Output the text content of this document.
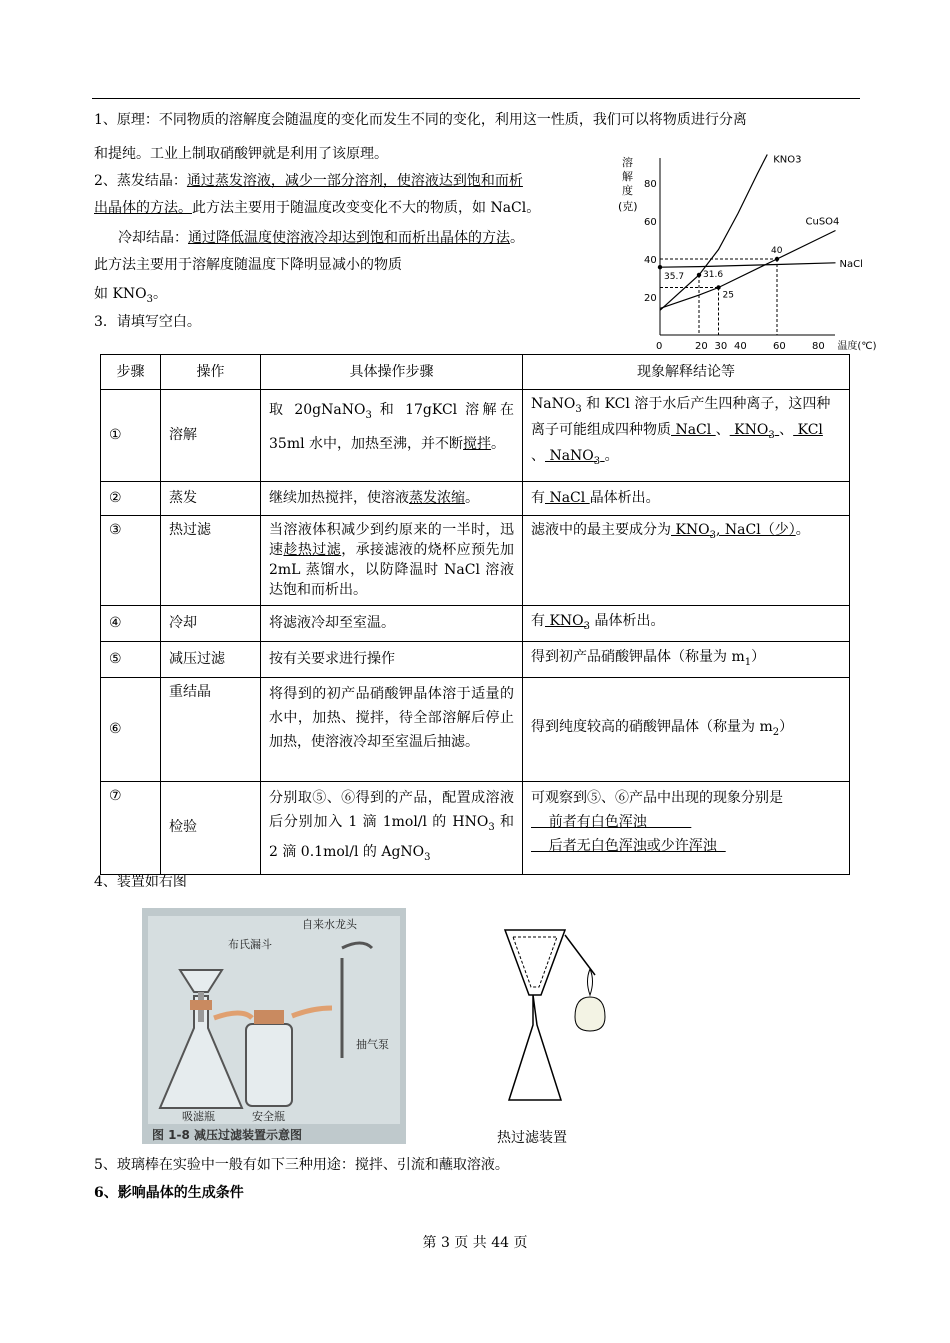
1、原理：不同物质的溶解度会随温度的变化而发生不同的变化，利用这一性质，我们可以将物质进行分离
和提纯。工业上制取硝酸钾就是利用了该原理。
2、蒸发结晶：通过蒸发溶液，减少一部分溶剂，使溶液达到饱和而析
出晶体的方法。此方法主要用于随温度改变变化不大的物质，如 NaCl。
冷却结晶：通过降低温度使溶液冷却达到饱和而析出晶体的方法。
此方法主要用于溶解度随温度下降明显减小的物质
如 $KNO_3$。
3．请填写空白。
溶
解
度
(克)
0	20 30 40	60	80
20
40
60
80
温度(℃)
KNO3
CuSO4
NaCl
35.7 31.6
25
40
步骤	操作	具体操作步骤	现象解释结论等
①	溶解	取 20gNaNO$_3$ 和 17gKCl 溶解在 35ml 水中，加热至沸，并不断搅拌。	NaNO$_3$ 和 KCl 溶于水后产生四种离子，这四种离子可能组成四种物质 NaCl 、 $KNO_3$ 、 KCl 、 NaNO$_3$ 。
②	蒸发	继续加热搅拌，使溶液蒸发浓缩。	有 NaCl 晶体析出。
③	热过滤	当溶液体积减少到约原来的一半时，迅速趁热过滤，承接滤液的烧杯应预先加 2mL 蒸馏水，以防降温时 NaCl 溶液达饱和而析出。	滤液中的最主要成分为 $KNO_3$, NaCl（少）。
④	冷却	将滤液冷却至室温。	有 $KNO_3$ 晶体析出。
⑤	减压过滤	按有关要求进行操作	得到初产品硝酸钾晶体（称量为 $m_1$）
⑥	重结晶	将得到的初产品硝酸钾晶体溶于适量的水中，加热、搅拌，待全部溶解后停止加热，使溶液冷却至室温后抽滤。	得到纯度较高的硝酸钾晶体（称量为 $m_2$）
⑦	检验	分别取⑤、⑥得到的产品，配置成溶液后分别加入 1 滴 1mol/l 的 $HNO_3$ 和 2 滴 0.1mol/l 的 AgNO$_3$	可观察到⑤、⑥产品中出现的现象分别是
前者有白色浑浊
后者无白色浑浊或少许浑浊
4、装置如右图
自来水龙头
布氏漏斗
吸滤瓶	安全瓶
抽气泵
图 1-8 减压过滤装置示意图	热过滤装置
5、玻璃棒在实验中一般有如下三种用途：搅拌、引流和蘸取溶液。
6、影响晶体的生成条件
第 3 页 共 44 页
